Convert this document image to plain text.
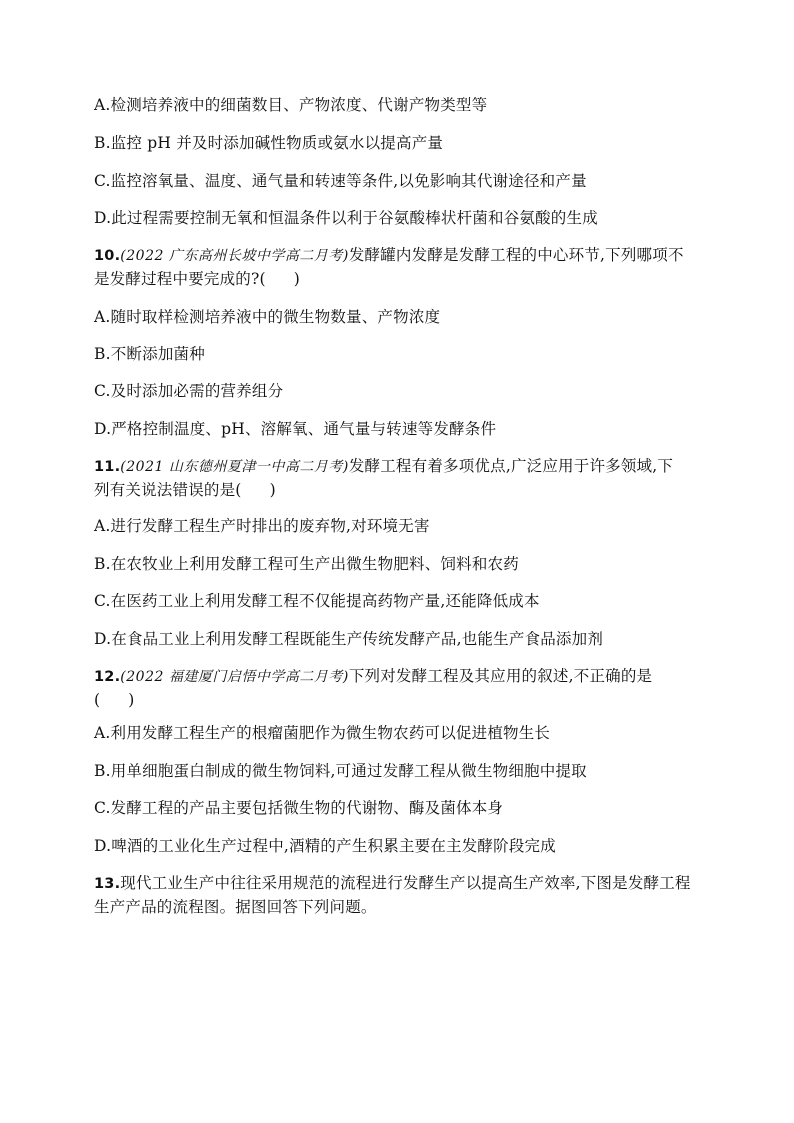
A.检测培养液中的细菌数目、产物浓度、代谢产物类型等
B.监控 pH 并及时添加碱性物质或氨水以提高产量
C.监控溶氧量、温度、通气量和转速等条件,以免影响其代谢途径和产量
D.此过程需要控制无氧和恒温条件以利于谷氨酸棒状杆菌和谷氨酸的生成
10.(2022 广东高州长坡中学高二月考)发酵罐内发酵是发酵工程的中心环节,下列哪项不
是发酵过程中要完成的?( )
A.随时取样检测培养液中的微生物数量、产物浓度
B.不断添加菌种
C.及时添加必需的营养组分
D.严格控制温度、pH、溶解氧、通气量与转速等发酵条件
11.(2021 山东德州夏津一中高二月考)发酵工程有着多项优点,广泛应用于许多领域,下
列有关说法错误的是( )
A.进行发酵工程生产时排出的废弃物,对环境无害
B.在农牧业上利用发酵工程可生产出微生物肥料、饲料和农药
C.在医药工业上利用发酵工程不仅能提高药物产量,还能降低成本
D.在食品工业上利用发酵工程既能生产传统发酵产品,也能生产食品添加剂
12.(2022 福建厦门启悟中学高二月考)下列对发酵工程及其应用的叙述,不正确的是
( )
A.利用发酵工程生产的根瘤菌肥作为微生物农药可以促进植物生长
B.用单细胞蛋白制成的微生物饲料,可通过发酵工程从微生物细胞中提取
C.发酵工程的产品主要包括微生物的代谢物、酶及菌体本身
D.啤酒的工业化生产过程中,酒精的产生积累主要在主发酵阶段完成
13.现代工业生产中往往采用规范的流程进行发酵生产以提高生产效率,下图是发酵工程
生产产品的流程图。据图回答下列问题。
